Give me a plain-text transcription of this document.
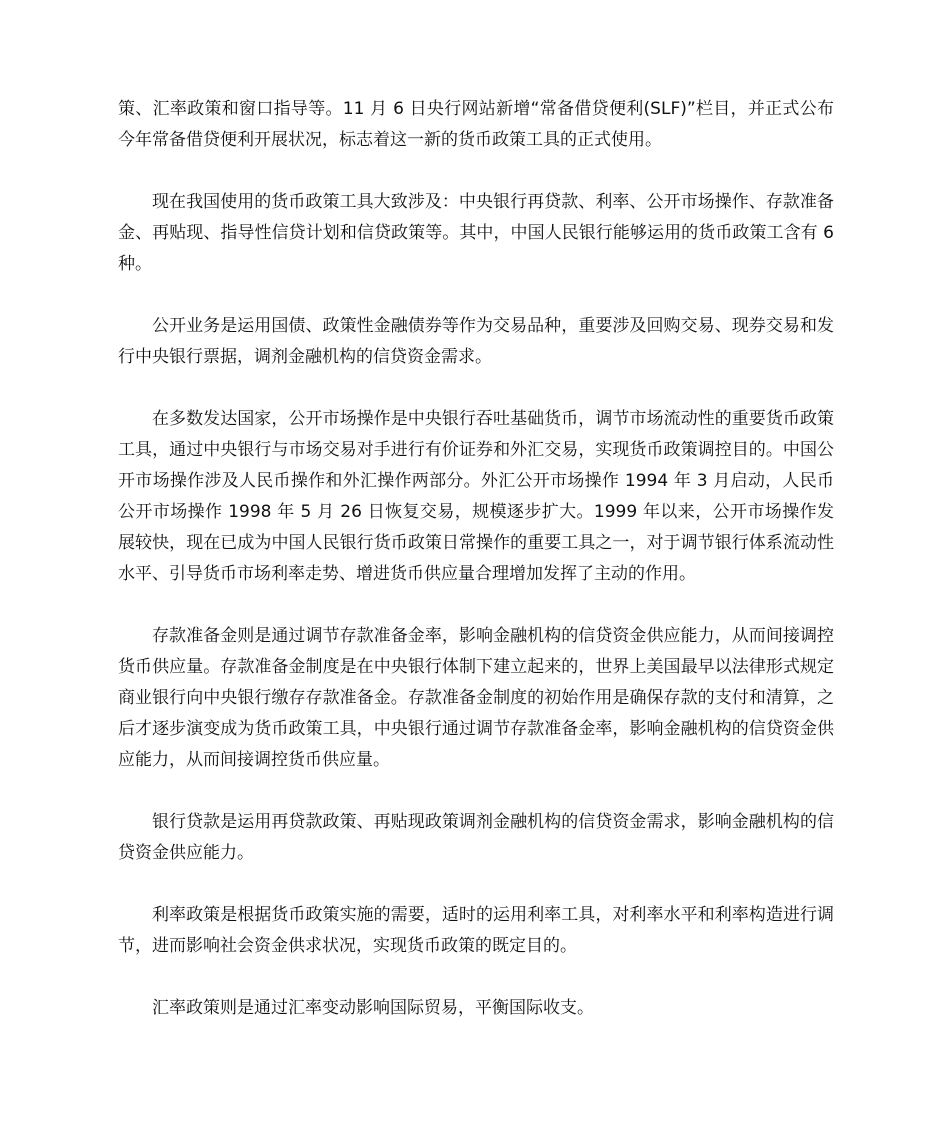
策、汇率政策和窗口指导等。11 月 6 日央行网站新增“常备借贷便利(SLF)”栏目，并正式公布今年常备借贷便利开展状况，标志着这一新的货币政策工具的正式使用。

现在我国使用的货币政策工具大致涉及：中央银行再贷款、利率、公开市场操作、存款准备金、再贴现、指导性信贷计划和信贷政策等。其中，中国人民银行能够运用的货币政策工含有 6 种。

公开业务是运用国债、政策性金融债券等作为交易品种，重要涉及回购交易、现券交易和发行中央银行票据，调剂金融机构的信贷资金需求。

在多数发达国家，公开市场操作是中央银行吞吐基础货币，调节市场流动性的重要货币政策工具，通过中央银行与市场交易对手进行有价证券和外汇交易，实现货币政策调控目的。中国公开市场操作涉及人民币操作和外汇操作两部分。外汇公开市场操作 1994 年 3 月启动，人民币公开市场操作 1998 年 5 月 26 日恢复交易，规模逐步扩大。1999 年以来，公开市场操作发展较快，现在已成为中国人民银行货币政策日常操作的重要工具之一，对于调节银行体系流动性水平、引导货币市场利率走势、增进货币供应量合理增加发挥了主动的作用。

存款准备金则是通过调节存款准备金率，影响金融机构的信贷资金供应能力，从而间接调控货币供应量。存款准备金制度是在中央银行体制下建立起来的，世界上美国最早以法律形式规定商业银行向中央银行缴存存款准备金。存款准备金制度的初始作用是确保存款的支付和清算，之后才逐步演变成为货币政策工具，中央银行通过调节存款准备金率，影响金融机构的信贷资金供应能力，从而间接调控货币供应量。

银行贷款是运用再贷款政策、再贴现政策调剂金融机构的信贷资金需求，影响金融机构的信贷资金供应能力。

利率政策是根据货币政策实施的需要，适时的运用利率工具，对利率水平和利率构造进行调节，进而影响社会资金供求状况，实现货币政策的既定目的。

汇率政策则是通过汇率变动影响国际贸易，平衡国际收支。
